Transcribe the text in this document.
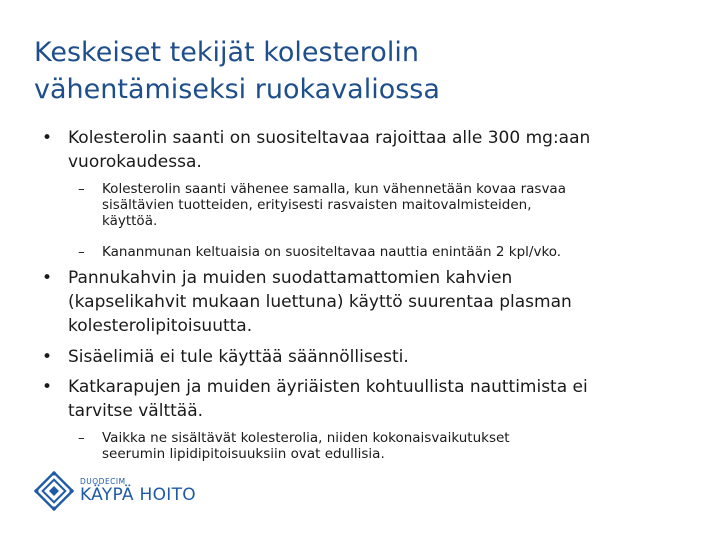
Keskeiset tekijät kolesterolin
vähentämiseksi ruokavaliossa
• Kolesterolin saanti on suositeltavaa rajoittaa alle 300 mg:aan
vuorokaudessa.
–	Kolesterolin saanti vähenee samalla, kun vähennetään kovaa rasvaa
sisältävien tuotteiden, erityisesti rasvaisten maitovalmisteiden,
käyttöä.
–	Kananmunan keltuaisia on suositeltavaa nauttia enintään 2 kpl/vko.
• Pannukahvin ja muiden suodattamattomien kahvien
(kapselikahvit mukaan luettuna) käyttö suurentaa plasman
kolesterolipitoisuutta.
• Sisäelimiä ei tule käyttää säännöllisesti.
• Katkarapujen ja muiden äyriäisten kohtuullista nauttimista ei
tarvitse välttää.
–	Vaikka ne sisältävät kolesterolia, niiden kokonaisvaikutukset
seerumin lipidipitoisuuksiin ovat edullisia.
DUODECIM
KÄYPÄ HOITO
